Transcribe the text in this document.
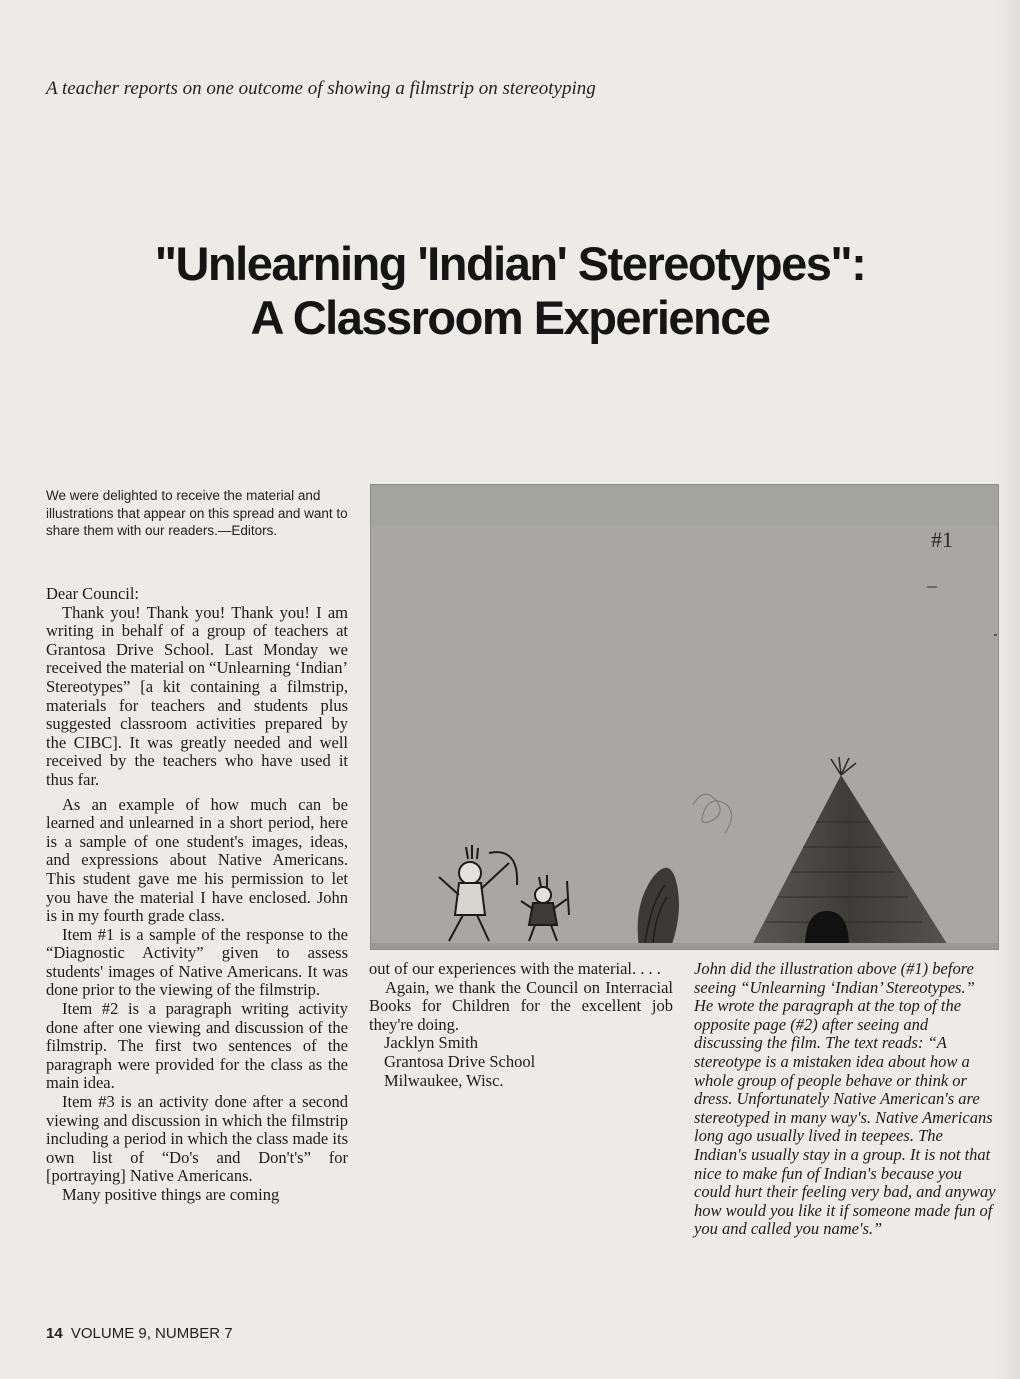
A teacher reports on one outcome of showing a filmstrip on stereotyping
"Unlearning 'Indian' Stereotypes":
A Classroom Experience
We were delighted to receive the material and illustrations that appear on this spread and want to share them with our readers.—Editors.

Dear Council:

Thank you! Thank you! Thank you! I am writing in behalf of a group of teachers at Grantosa Drive School. Last Monday we received the material on “Unlearning ‘Indian’ Stereotypes” [a kit containing a filmstrip, materials for teachers and students plus suggested classroom activities prepared by the CIBC]. It was greatly needed and well received by the teachers who have used it thus far.

As an example of how much can be learned and unlearned in a short period, here is a sample of one student's images, ideas, and expressions about Native Americans. This student gave me his permission to let you have the material I have enclosed. John is in my fourth grade class.

Item #1 is a sample of the response to the “Diagnostic Activity” given to assess students' images of Native Americans. It was done prior to the viewing of the filmstrip.

Item #2 is a paragraph writing activity done after one viewing and discussion of the filmstrip. The first two sentences of the paragraph were provided for the class as the main idea.

Item #3 is an activity done after a second viewing and discussion in which the filmstrip including a period in which the class made its own list of “Do's and Don't's” for [portraying] Native Americans.

Many positive things are coming

#1

out of our experiences with the material. . . .

Again, we thank the Council on Interracial Books for Children for the excellent job they're doing.

Jacklyn Smith

Grantosa Drive School

Milwaukee, Wisc.

John did the illustration above (#1) before seeing “Unlearning ‘Indian’ Stereotypes.” He wrote the paragraph at the top of the opposite page (#2) after seeing and discussing the film. The text reads: “A stereotype is a mistaken idea about how a whole group of people behave or think or dress. Unfortunately Native American's are stereotyped in many way's. Native Americans long ago usually lived in teepees. The Indian's usually stay in a group. It is not that nice to make fun of Indian's because you could hurt their feeling very bad, and anyway how would you like it if someone made fun of you and called you name's.”
14 VOLUME 9, NUMBER 7
